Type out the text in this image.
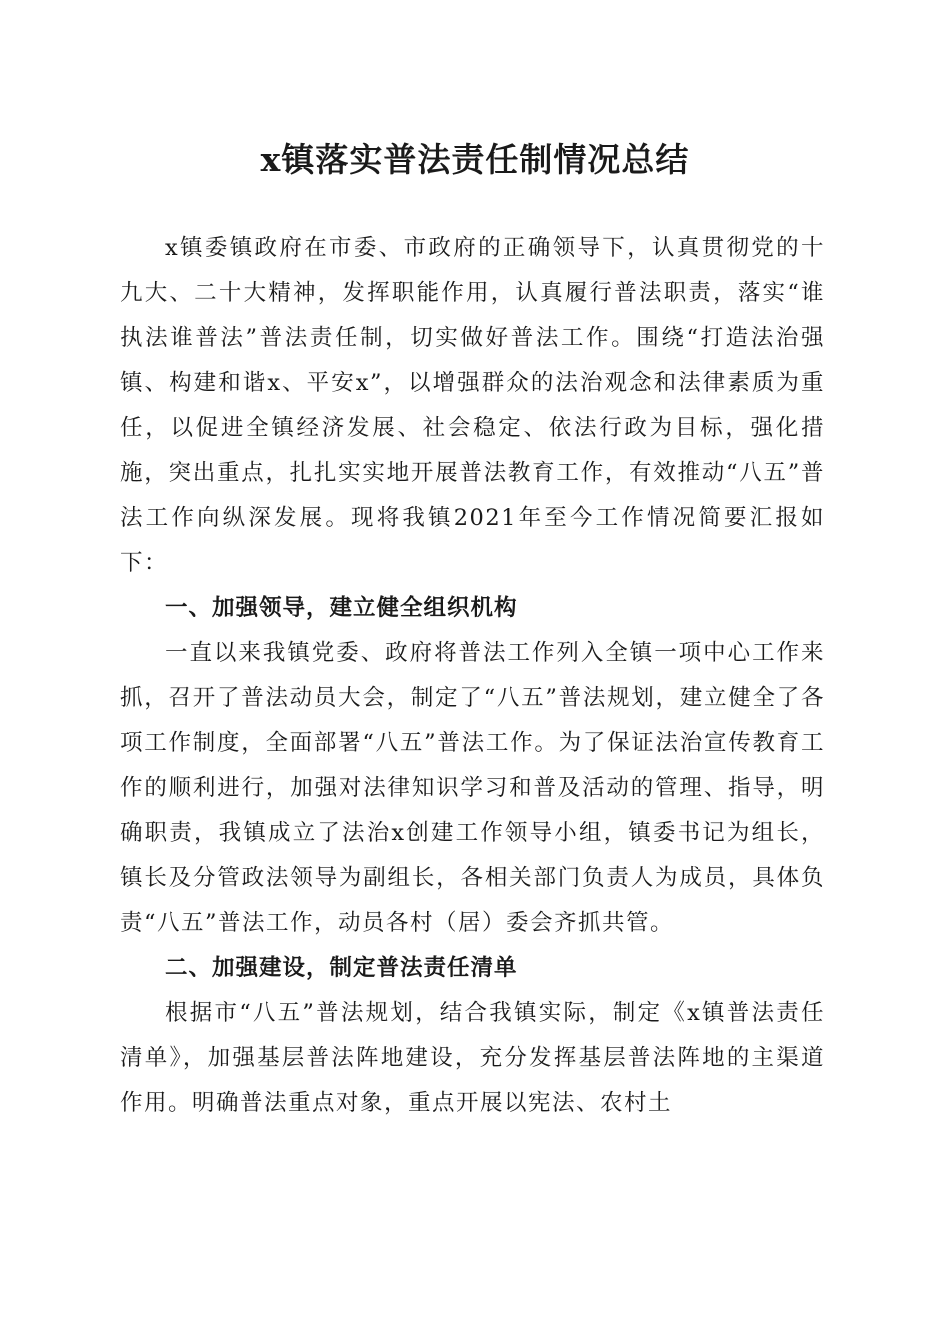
x镇落实普法责任制情况总结

x镇委镇政府在市委、市政府的正确领导下，认真贯彻党的十九大、二十大精神，发挥职能作用，认真履行普法职责，落实“谁执法谁普法”普法责任制，切实做好普法工作。围绕“打造法治强镇、构建和谐x、平安x”，以增强群众的法治观念和法律素质为重任，以促进全镇经济发展、社会稳定、依法行政为目标，强化措施，突出重点，扎扎实实地开展普法教育工作，有效推动“八五”普法工作向纵深发展。现将我镇2021年至今工作情况简要汇报如下：

一、加强领导，建立健全组织机构

一直以来我镇党委、政府将普法工作列入全镇一项中心工作来抓，召开了普法动员大会，制定了“八五”普法规划，建立健全了各项工作制度，全面部署“八五”普法工作。为了保证法治宣传教育工作的顺利进行，加强对法律知识学习和普及活动的管理、指导，明确职责，我镇成立了法治x创建工作领导小组，镇委书记为组长，镇长及分管政法领导为副组长，各相关部门负责人为成员，具体负责“八五”普法工作，动员各村（居）委会齐抓共管。

二、加强建设，制定普法责任清单

根据市“八五”普法规划，结合我镇实际，制定《x镇普法责任清单》，加强基层普法阵地建设，充分发挥基层普法阵地的主渠道作用。明确普法重点对象，重点开展以宪法、农村土
